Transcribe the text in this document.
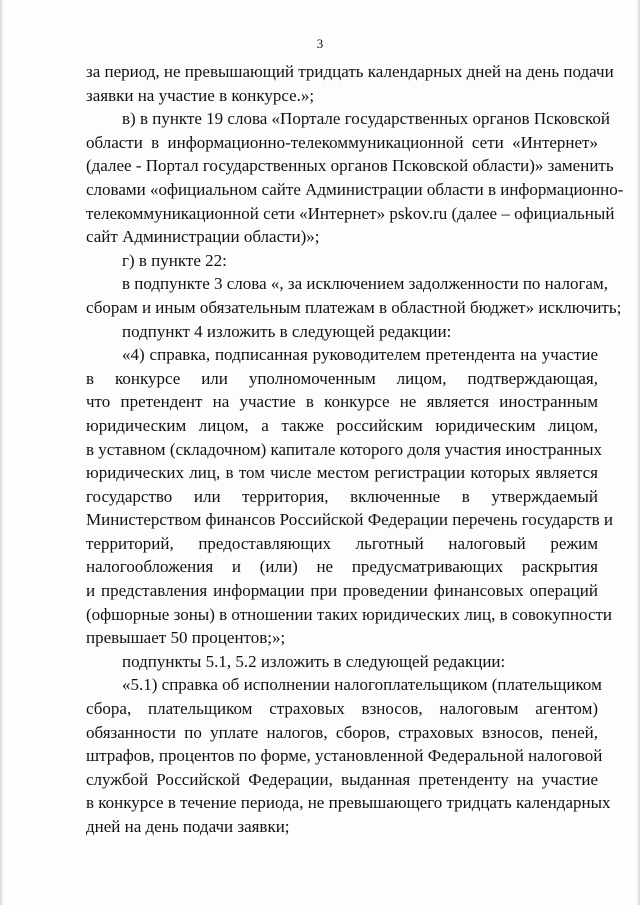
3
за период, не превышающий тридцать календарных дней на день подачи
заявки на участие в конкурсе.»;
в) в пункте 19 слова «Портале государственных органов Псковской
области в информационно-телекоммуникационной сети «Интернет»
(далее - Портал государственных органов Псковской области)» заменить
словами «официальном сайте Администрации области в информационно-
телекоммуникационной сети «Интернет» pskov.ru (далее – официальный
сайт Администрации области)»;
г) в пункте 22:
в подпункте 3 слова «, за исключением задолженности по налогам,
сборам и иным обязательным платежам в областной бюджет» исключить;
подпункт 4 изложить в следующей редакции:
«4) справка, подписанная руководителем претендента на участие
в конкурсе или уполномоченным лицом, подтверждающая,
что претендент на участие в конкурсе не является иностранным
юридическим лицом, а также российским юридическим лицом,
в уставном (складочном) капитале которого доля участия иностранных
юридических лиц, в том числе местом регистрации которых является
государство или территория, включенные в утверждаемый
Министерством финансов Российской Федерации перечень государств и
территорий, предоставляющих льготный налоговый режим
налогообложения и (или) не предусматривающих раскрытия
и представления информации при проведении финансовых операций
(офшорные зоны) в отношении таких юридических лиц, в совокупности
превышает 50 процентов;»;
подпункты 5.1, 5.2 изложить в следующей редакции:
«5.1) справка об исполнении налогоплательщиком (плательщиком
сбора, плательщиком страховых взносов, налоговым агентом)
обязанности по уплате налогов, сборов, страховых взносов, пеней,
штрафов, процентов по форме, установленной Федеральной налоговой
службой Российской Федерации, выданная претенденту на участие
в конкурсе в течение периода, не превышающего тридцать календарных
дней на день подачи заявки;
